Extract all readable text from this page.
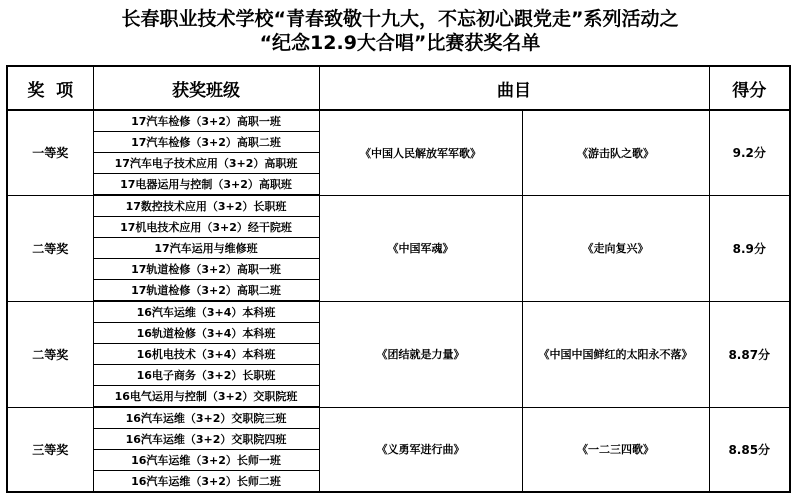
长春职业技术学校“青春致敬十九大，不忘初心跟党走”系列活动之
“纪念12.9大合唱”比赛获奖名单
奖  项	获奖班级	曲目		得分
一等奖	17汽车检修（3+2）高职一班	《中国人民解放军军歌》	《游击队之歌》	9.2分
	17汽车检修（3+2）高职二班			
	17汽车电子技术应用（3+2）高职班			
	17电器运用与控制（3+2）高职班			
二等奖	17数控技术应用（3+2）长职班	《中国军魂》	《走向复兴》	8.9分
	17机电技术应用（3+2）经干院班			
	17汽车运用与维修班			
	17轨道检修（3+2）高职一班			
	17轨道检修（3+2）高职二班			
二等奖	16汽车运维（3+4）本科班	《团结就是力量》	《中国中国鲜红的太阳永不落》	8.87分
	16轨道检修（3+4）本科班			
	16机电技术（3+4）本科班			
	16电子商务（3+2）长职班			
	16电气运用与控制（3+2）交职院班			
三等奖	16汽车运维（3+2）交职院三班	《义勇军进行曲》	《一二三四歌》	8.85分
	16汽车运维（3+2）交职院四班			
	16汽车运维（3+2）长师一班			
	16汽车运维（3+2）长师二班			
